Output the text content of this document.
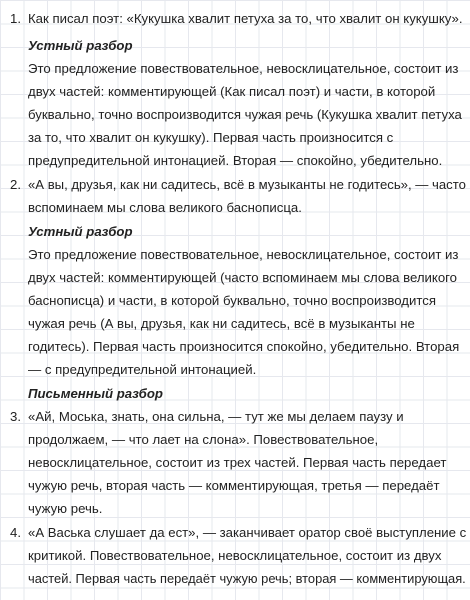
1. Как писал поэт: «Кукушка хвалит петуха за то, что хвалит он кукушку».
Устный разбор
Это предложение повествовательное, невосклицательное, состоит из
двух частей: комментирующей (Как писал поэт) и части, в которой
буквально, точно воспроизводится чужая речь (Кукушка хвалит петуха
за то, что хвалит он кукушку). Первая часть произносится с
предупредительной интонацией. Вторая — спокойно, убедительно.
2. «А вы, друзья, как ни садитесь, всё в музыканты не годитесь», — часто
вспоминаем мы слова великого баснописца.
Устный разбор
Это предложение повествовательное, невосклицательное, состоит из
двух частей: комментирующей (часто вспоминаем мы слова великого
баснописца) и части, в которой буквально, точно воспроизводится
чужая речь (А вы, друзья, как ни садитесь, всё в музыканты не
годитесь). Первая часть произносится спокойно, убедительно. Вторая
— с предупредительной интонацией.
Письменный разбор
3. «Ай, Моська, знать, она сильна, — тут же мы делаем паузу и
продолжаем, — что лает на слона». Повествовательное,
невосклицательное, состоит из трех частей. Первая часть передает
чужую речь, вторая часть — комментирующая, третья — передаёт
чужую речь.
4. «А Васька слушает да ест», — заканчивает оратор своё выступление с
критикой. Повествовательное, невосклицательное, состоит из двух
частей. Первая часть передаёт чужую речь; вторая — комментирующая.
